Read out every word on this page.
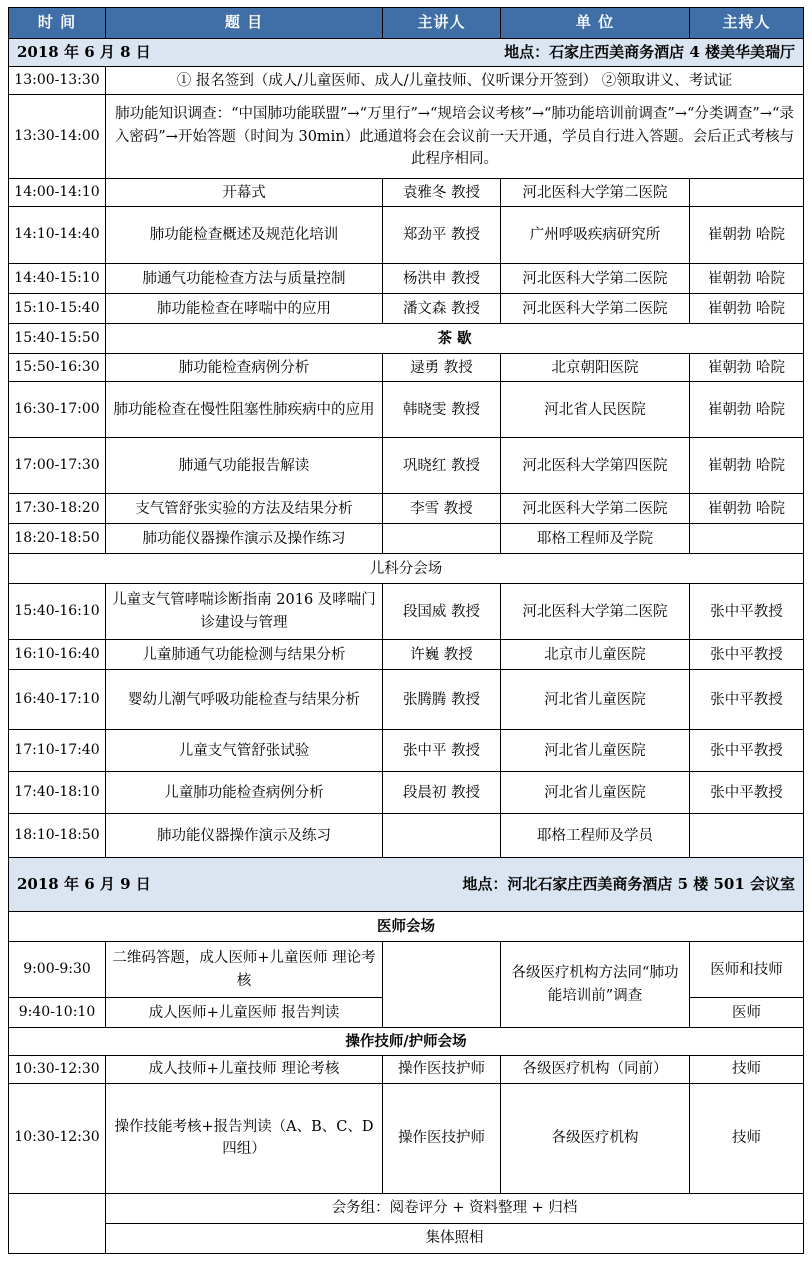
时 间	题 目	主讲人	单 位	主持人

2018 年 6 月 8 日 地点：石家庄西美商务酒店 4 楼美华美瑞厅				

13:00-13:30	① 报名签到（成人/儿童医师、成人/儿童技师、仪听课分开签到） ②领取讲义、考试证			
13:30-14:00	肺功能知识调查：“中国肺功能联盟”→“万里行”→“规培会议考核”→“肺功能培训前调查”→“分类调查”→“录入密码”→开始答题（时间为 30min）此通道将会在会议前一天开通，学员自行进入答题。会后正式考核与此程序相同。			
14:00-14:10	开幕式	袁雅冬 教授	河北医科大学第二医院	
14:10-14:40	肺功能检查概述及规范化培训	郑劲平 教授	广州呼吸疾病研究所	崔朝勃 哈院
14:40-15:10	肺通气功能检查方法与质量控制	杨洪申 教授	河北医科大学第二医院	崔朝勃 哈院
15:10-15:40	肺功能检查在哮喘中的应用	潘文森 教授	河北医科大学第二医院	崔朝勃 哈院
15:40-15:50	茶 歇			
15:50-16:30	肺功能检查病例分析	逯勇 教授	北京朝阳医院	崔朝勃 哈院
16:30-17:00	肺功能检查在慢性阻塞性肺疾病中的应用	韩晓雯 教授	河北省人民医院	崔朝勃 哈院
17:00-17:30	肺通气功能报告解读	巩晓红 教授	河北医科大学第四医院	崔朝勃 哈院
17:30-18:20	支气管舒张实验的方法及结果分析	李雪 教授	河北医科大学第二医院	崔朝勃 哈院
18:20-18:50	肺功能仪器操作演示及操作练习		耶格工程师及学院	
儿科分会场				
15:40-16:10	儿童支气管哮喘诊断指南 2016 及哮喘门诊建设与管理	段国威 教授	河北医科大学第二医院	张中平教授
16:10-16:40	儿童肺通气功能检测与结果分析	许巍 教授	北京市儿童医院	张中平教授
16:40-17:10	婴幼儿潮气呼吸功能检查与结果分析	张腾腾 教授	河北省儿童医院	张中平教授
17:10-17:40	儿童支气管舒张试验	张中平 教授	河北省儿童医院	张中平教授
17:40-18:10	儿童肺功能检查病例分析	段晨初 教授	河北省儿童医院	张中平教授
18:10-18:50	肺功能仪器操作演示及练习		耶格工程师及学员	

2018 年 6 月 9 日 地点：河北石家庄西美商务酒店 5 楼 501 会议室				

医师会场				
9:00-9:30	二维码答题，成人医师+儿童医师 理论考核		各级医疗机构方法同“肺功能培训前”调查	医师和技师
9:40-10:10	成人医师+儿童医师 报告判读			医师
操作技师/护师会场				
10:30-12:30	成人技师+儿童技师 理论考核	操作医技护师	各级医疗机构（同前）	技师
10:30-12:30	操作技能考核+报告判读（A、B、C、D 四组）	操作医技护师	各级医疗机构	技师
	会务组：阅卷评分 + 资料整理 + 归档			
	集体照相			
